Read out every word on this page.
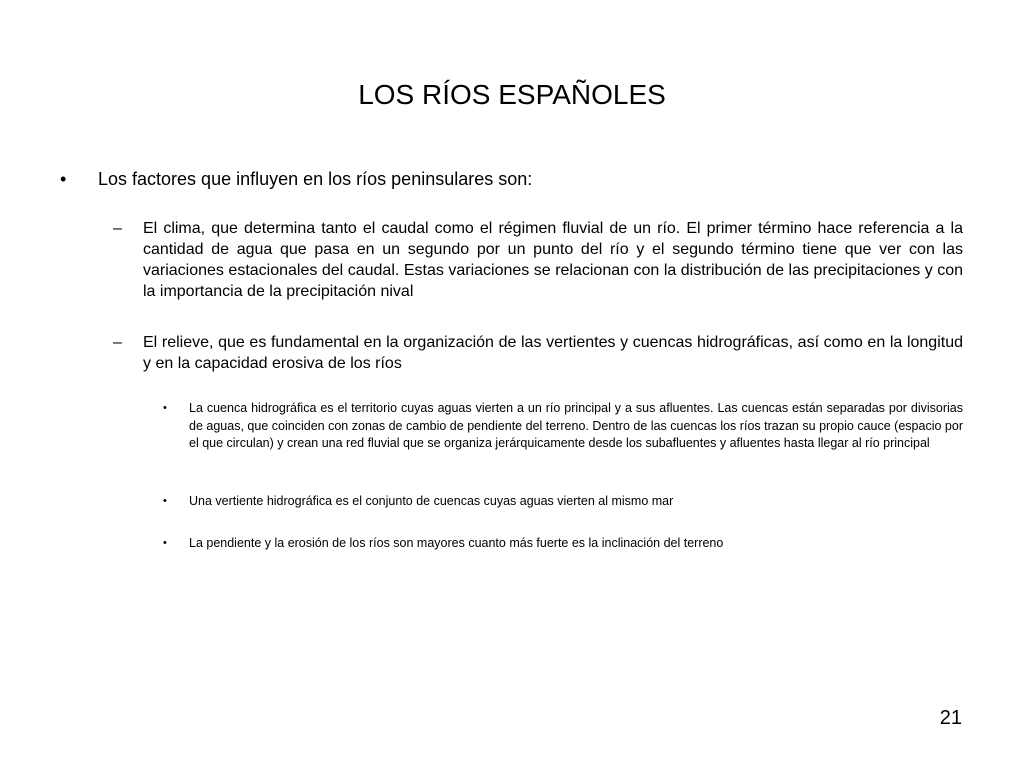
LOS RÍOS ESPAÑOLES
• Los factores que influyen en los ríos peninsulares son:
– El clima, que determina tanto el caudal como el régimen fluvial de un río. El primer término hace referencia a la cantidad de agua que pasa en un segundo por un punto del río y el segundo término tiene que ver con las variaciones estacionales del caudal. Estas variaciones se relacionan con la distribución de las precipitaciones y con la importancia de la precipitación nival
– El relieve, que es fundamental en la organización de las vertientes y cuencas hidrográficas, así como en la longitud y en la capacidad erosiva de los ríos
• La cuenca hidrográfica es el territorio cuyas aguas vierten a un río principal y a sus afluentes. Las cuencas están separadas por divisorias de aguas, que coinciden con zonas de cambio de pendiente del terreno. Dentro de las cuencas los ríos trazan su propio cauce (espacio por el que circulan) y crean una red fluvial que se organiza jerárquicamente desde los subafluentes y afluentes hasta llegar al río principal
• Una vertiente hidrográfica es el conjunto de cuencas cuyas aguas vierten al mismo mar
• La pendiente y la erosión de los ríos son mayores cuanto más fuerte es la inclinación del terreno
21
